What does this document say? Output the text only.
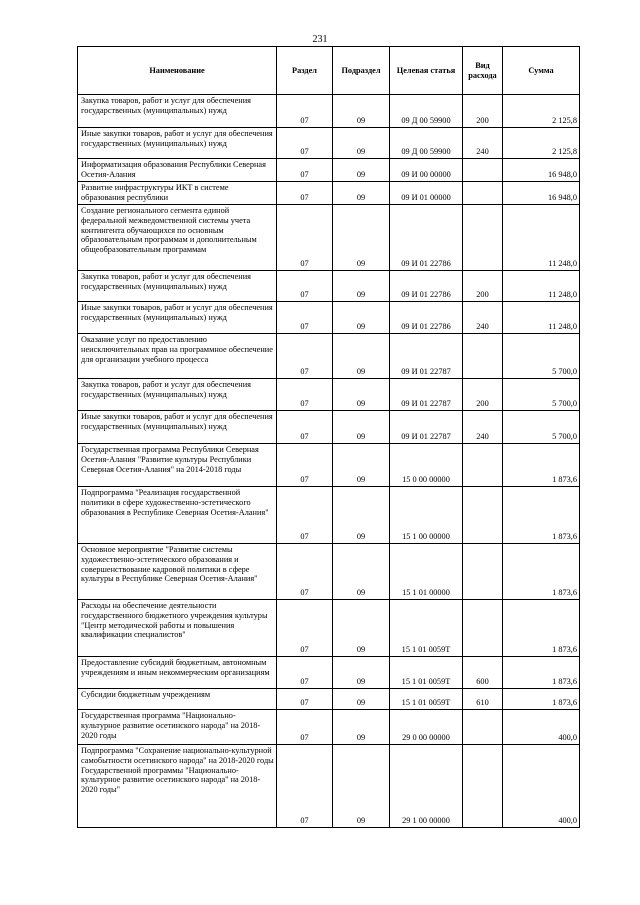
231
Наименование	Раздел	Подраздел	Целевая статья	Вид расхода	Сумма
Закупка товаров, работ и услуг для обеспечения государственных (муниципальных) нужд	07	09	09 Д 00 59900	200	2 125,8
Иные закупки товаров, работ и услуг для обеспечения государственных (муниципальных) нужд	07	09	09 Д 00 59900	240	2 125,8
Информатизация образования Республики Северная Осетия-Алания	07	09	09 И 00 00000		16 948,0
Развитие инфраструктуры ИКТ в системе образования республики	07	09	09 И 01 00000		16 948,0
Создание регионального сегмента единой федеральной межведомственной системы учета контингента обучающихся по основным образовательным программам и дополнительным общеобразовательным программам	07	09	09 И 01 22786		11 248,0
Закупка товаров, работ и услуг для обеспечения государственных (муниципальных) нужд	07	09	09 И 01 22786	200	11 248,0
Иные закупки товаров, работ и услуг для обеспечения государственных (муниципальных) нужд	07	09	09 И 01 22786	240	11 248,0
Оказание услуг по предоставлению неисключительных прав на программное обеспечение для организации учебного процесса	07	09	09 И 01 22787		5 700,0
Закупка товаров, работ и услуг для обеспечения государственных (муниципальных) нужд	07	09	09 И 01 22787	200	5 700,0
Иные закупки товаров, работ и услуг для обеспечения государственных (муниципальных) нужд	07	09	09 И 01 22787	240	5 700,0
Государственная программа Республики Северная Осетия-Алания "Развитие культуры Республики Северная Осетия-Алания" на 2014-2018 годы	07	09	15 0 00 00000		1 873,6
Подпрограмма "Реализация государственной политики в сфере художественно-эстетического образования в Республике Северная Осетия-Алания"	07	09	15 1 00 00000		1 873,6
Основное мероприятие "Развитие системы художественно-эстетического образования и совершенствование кадровой политики в сфере культуры в Республике Северная Осетия-Алания"	07	09	15 1 01 00000		1 873,6
Расходы на обеспечение деятельности государственного бюджетного учреждения культуры "Центр методической работы и повышения квалификации специалистов"	07	09	15 1 01 0059Т		1 873,6
Предоставление субсидий бюджетным, автономным учреждениям и иным некоммерческим организациям	07	09	15 1 01 0059Т	600	1 873,6
Субсидии бюджетным учреждениям	07	09	15 1 01 0059Т	610	1 873,6
Государственная программа "Национально-культурное развитие осетинского народа" на 2018-2020 годы	07	09	29 0 00 00000		400,0
Подпрограмма "Сохранение национально-культурной самобытности осетинского народа" на 2018-2020 годы Государственной программы "Национально-культурное развитие осетинского народа" на 2018-2020 годы"	07	09	29 1 00 00000		400,0
